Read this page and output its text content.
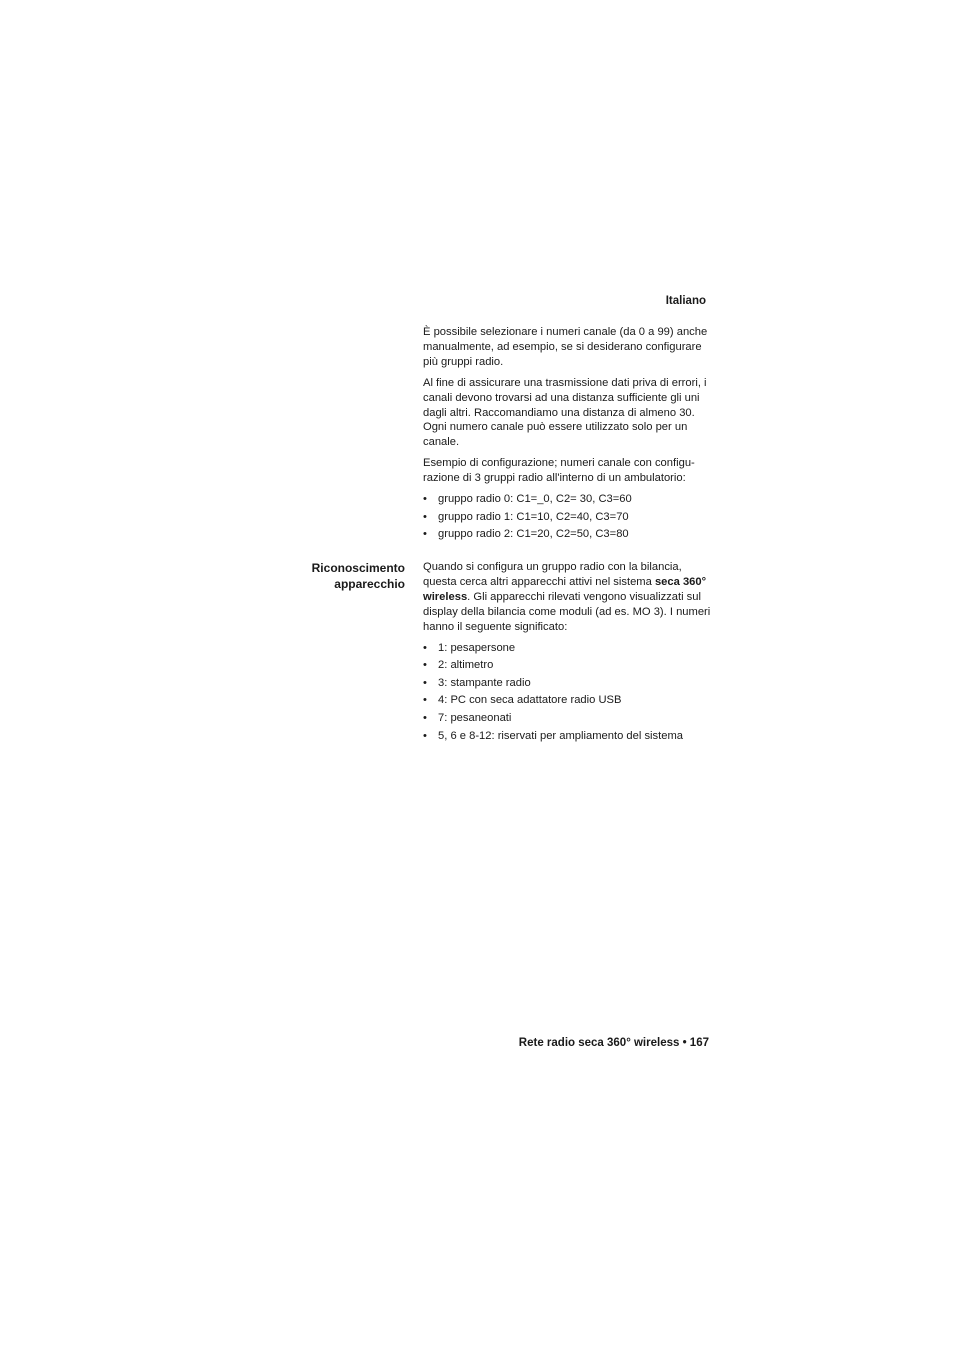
Italiano

È possibile selezionare i numeri canale (da 0 a 99) anche manualmente, ad esempio, se si desiderano configurare più gruppi radio.

Al fine di assicurare una trasmissione dati priva di errori, i canali devono trovarsi ad una distanza sufficiente gli uni dagli altri. Raccomandiamo una distanza di almeno 30. Ogni numero canale può essere utilizzato solo per un canale.

Esempio di configurazione; numeri canale con configu-razione di 3 gruppi radio all'interno di un ambulatorio:

• gruppo radio 0: C1=_0, C2= 30, C3=60
• gruppo radio 1: C1=10, C2=40, C3=70
• gruppo radio 2: C1=20, C2=50, C3=80
Riconoscimento
apparecchio

Quando si configura un gruppo radio con la bilancia, questa cerca altri apparecchi attivi nel sistema seca 360° wireless. Gli apparecchi rilevati vengono visualizzati sul display della bilancia come moduli (ad es. MO 3). I numeri hanno il seguente significato:

• 1: pesapersone
• 2: altimetro
• 3: stampante radio
• 4: PC con seca adattatore radio USB
• 7: pesaneonati
• 5, 6 e 8-12: riservati per ampliamento del sistema
Rete radio seca 360° wireless • 167
